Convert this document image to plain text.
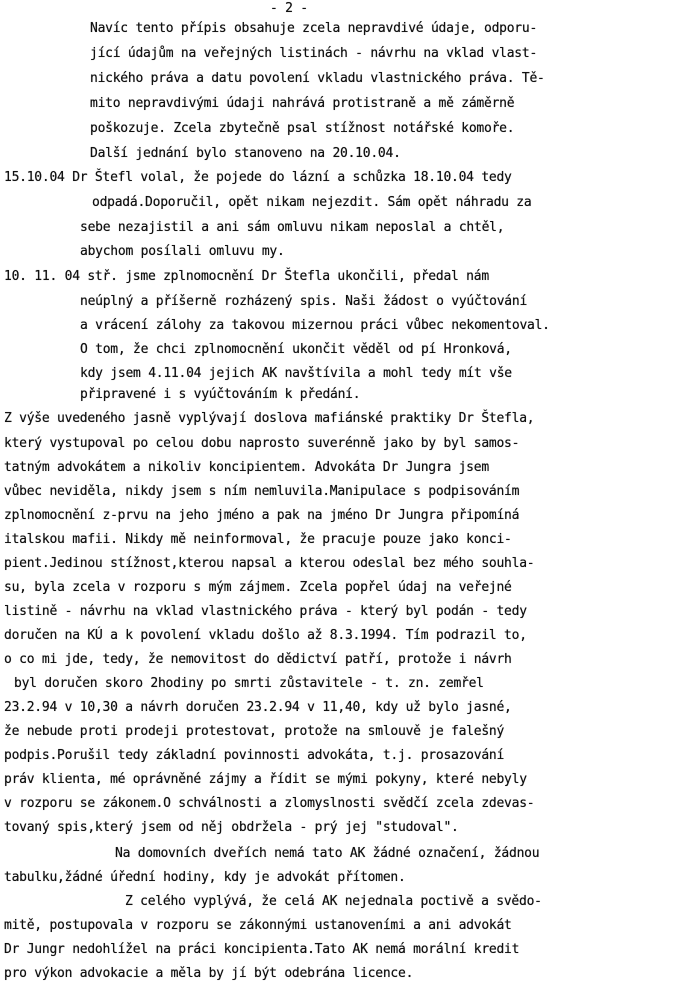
- 2 -
Navíc tento přípis obsahuje zcela nepravdivé údaje, odporu-
jící údajům na veřejných listinách - návrhu na vklad vlast-
nického práva a datu povolení vkladu vlastnického práva. Tě-
mito nepravdivými údaji nahrává protistraně a mě záměrně
poškozuje. Zcela zbytečně psal stížnost notářské komoře.
Další jednání bylo stanoveno na 20.10.04.
15.10.04 Dr Štefl volal, že pojede do lázní a schůzka 18.10.04 tedy
odpadá.Doporučil, opět nikam nejezdit. Sám opět náhradu za
sebe nezajistil a ani sám omluvu nikam neposlal a chtěl,
abychom posílali omluvu my.
10. 11. 04 stř. jsme zplnomocnění Dr Štefla ukončili, předal nám
neúplný a příšerně rozházený spis. Naši žádost o vyúčtování
a vrácení zálohy za takovou mizernou práci vůbec nekomentoval.
O tom, že chci zplnomocnění ukončit věděl od pí Hronková,
kdy jsem 4.11.04 jejich AK navštívila a mohl tedy mít vše
připravené i s vyúčtováním k předání.
Z výše uvedeného jasně vyplývají doslova mafiánské praktiky Dr Štefla,
který vystupoval po celou dobu naprosto suverénně jako by byl samos-
tatným advokátem a nikoliv koncipientem. Advokáta Dr Jungra jsem
vůbec neviděla, nikdy jsem s ním nemluvila.Manipulace s podpisováním
zplnomocnění z-prvu na jeho jméno a pak na jméno Dr Jungra připomíná
italskou mafii. Nikdy mě neinformoval, že pracuje pouze jako konci-
pient.Jedinou stížnost,kterou napsal a kterou odeslal bez mého souhla-
su, byla zcela v rozporu s mým zájmem. Zcela popřel údaj na veřejné
listině - návrhu na vklad vlastnického práva - který byl podán - tedy
doručen na KÚ a k povolení vkladu došlo až 8.3.1994. Tím podrazil to,
o co mi jde, tedy, že nemovitost do dědictví patří, protože i návrh
byl doručen skoro 2hodiny po smrti zůstavitele - t. zn. zemřel
23.2.94 v 10,30 a návrh doručen 23.2.94 v 11,40, kdy už bylo jasné,
že nebude proti prodeji protestovat, protože na smlouvě je falešný
podpis.Porušil tedy základní povinnosti advokáta, t.j. prosazování
práv klienta, mé oprávněné zájmy a řídit se mými pokyny, které nebyly
v rozporu se zákonem.O schválnosti a zlomyslnosti svědčí zcela zdevas-
tovaný spis,který jsem od něj obdržela - prý jej "studoval".
Na domovních dveřích nemá tato AK žádné označení, žádnou
tabulku,žádné úřední hodiny, kdy je advokát přítomen.
Z celého vyplývá, že celá AK nejednala poctivě a svědo-
mitě, postupovala v rozporu se zákonnými ustanoveními a ani advokát
Dr Jungr nedohlížel na práci koncipienta.Tato AK nemá morální kredit
pro výkon advokacie a měla by jí být odebrána licence.
